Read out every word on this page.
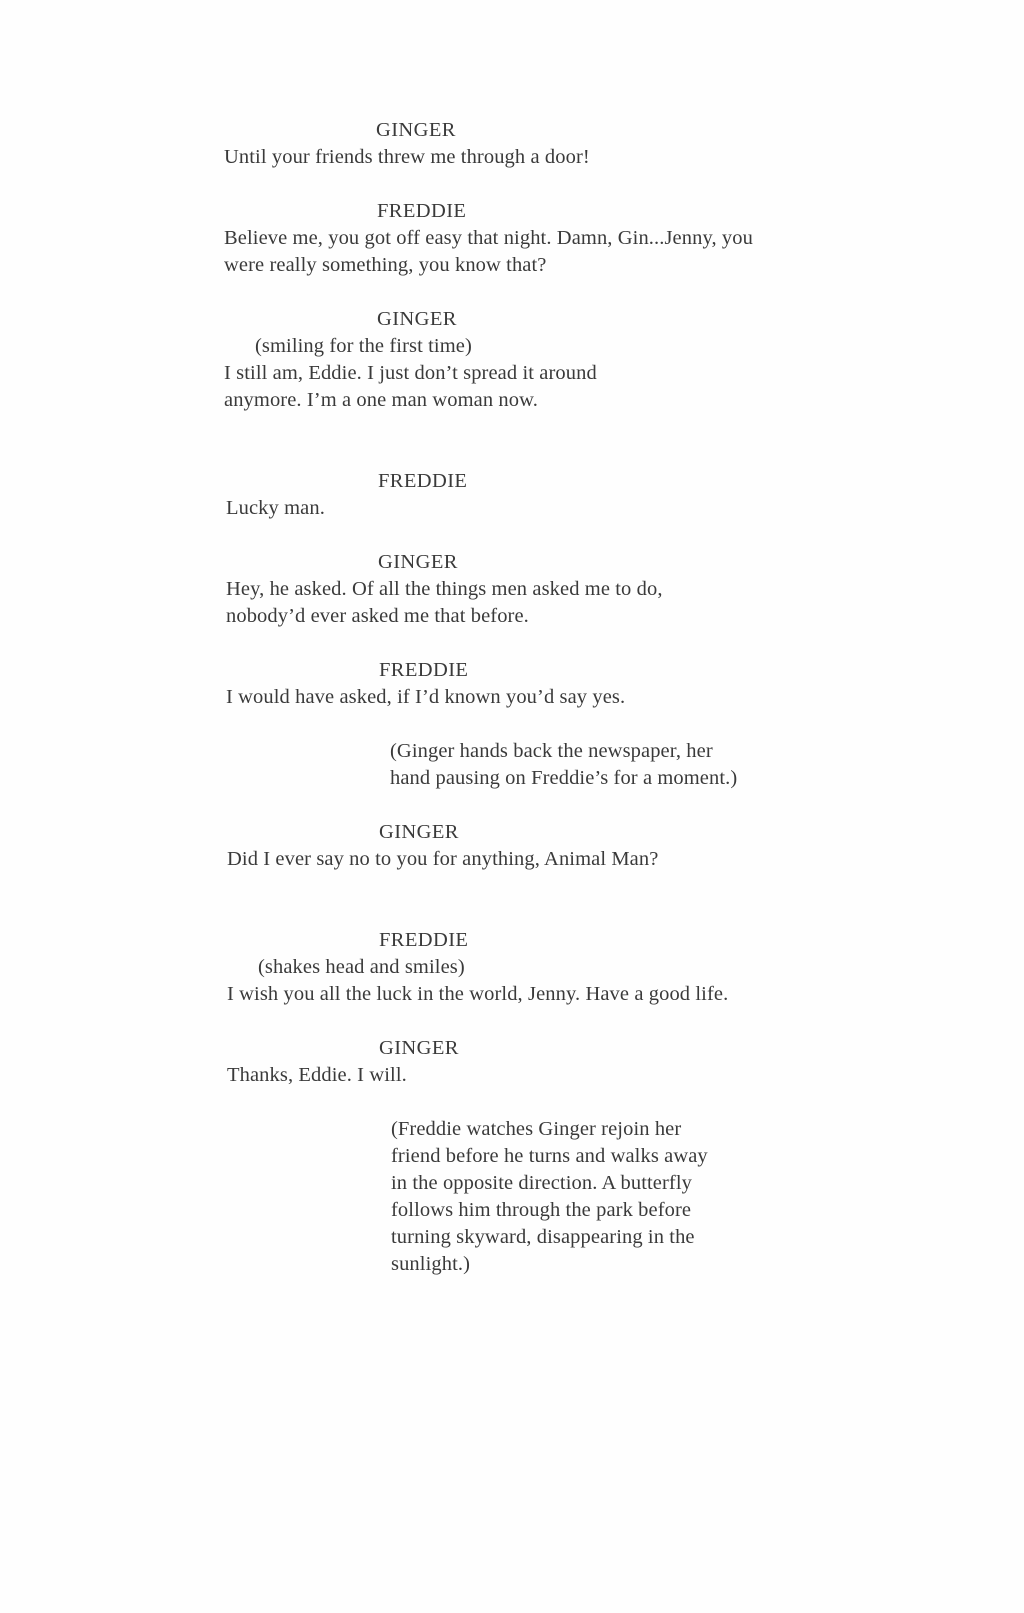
GINGER
Until your friends threw me through a door!
FREDDIE
Believe me, you got off easy that night. Damn, Gin...Jenny, you
were really something, you know that?
GINGER
(smiling for the first time)
I still am, Eddie. I just don’t spread it around
anymore. I’m a one man woman now.
FREDDIE
Lucky man.
GINGER
Hey, he asked. Of all the things men asked me to do,
nobody’d ever asked me that before.
FREDDIE
I would have asked, if I’d known you’d say yes.
(Ginger hands back the newspaper, her
hand pausing on Freddie’s for a moment.)
GINGER
Did I ever say no to you for anything, Animal Man?
FREDDIE
(shakes head and smiles)
I wish you all the luck in the world, Jenny. Have a good life.
GINGER
Thanks, Eddie. I will.
(Freddie watches Ginger rejoin her
friend before he turns and walks away
in the opposite direction. A butterfly
follows him through the park before
turning skyward, disappearing in the
sunlight.)
